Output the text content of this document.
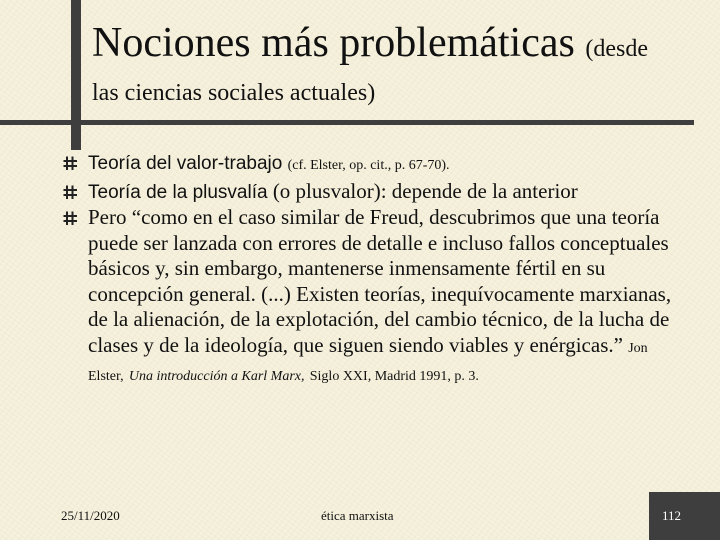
Nociones más problemáticas (desde
las ciencias sociales actuales)
Teoría del valor-trabajo (cf. Elster, op. cit., p. 67-70).
Teoría de la plusvalía (o plusvalor): depende de la anterior
Pero “como en el caso similar de Freud, descubrimos que una teoría puede ser lanzada con errores de detalle e incluso fallos conceptuales básicos y, sin embargo, mantenerse inmensamente fértil en su concepción general. (...) Existen teorías, inequívocamente marxianas, de la alienación, de la explotación, del cambio técnico, de la lucha de clases y de la ideología, que siguen siendo viables y enérgicas.” Jon Elster, Una introducción a Karl Marx, Siglo XXI, Madrid 1991, p. 3.
25/11/2020	ética marxista	112
